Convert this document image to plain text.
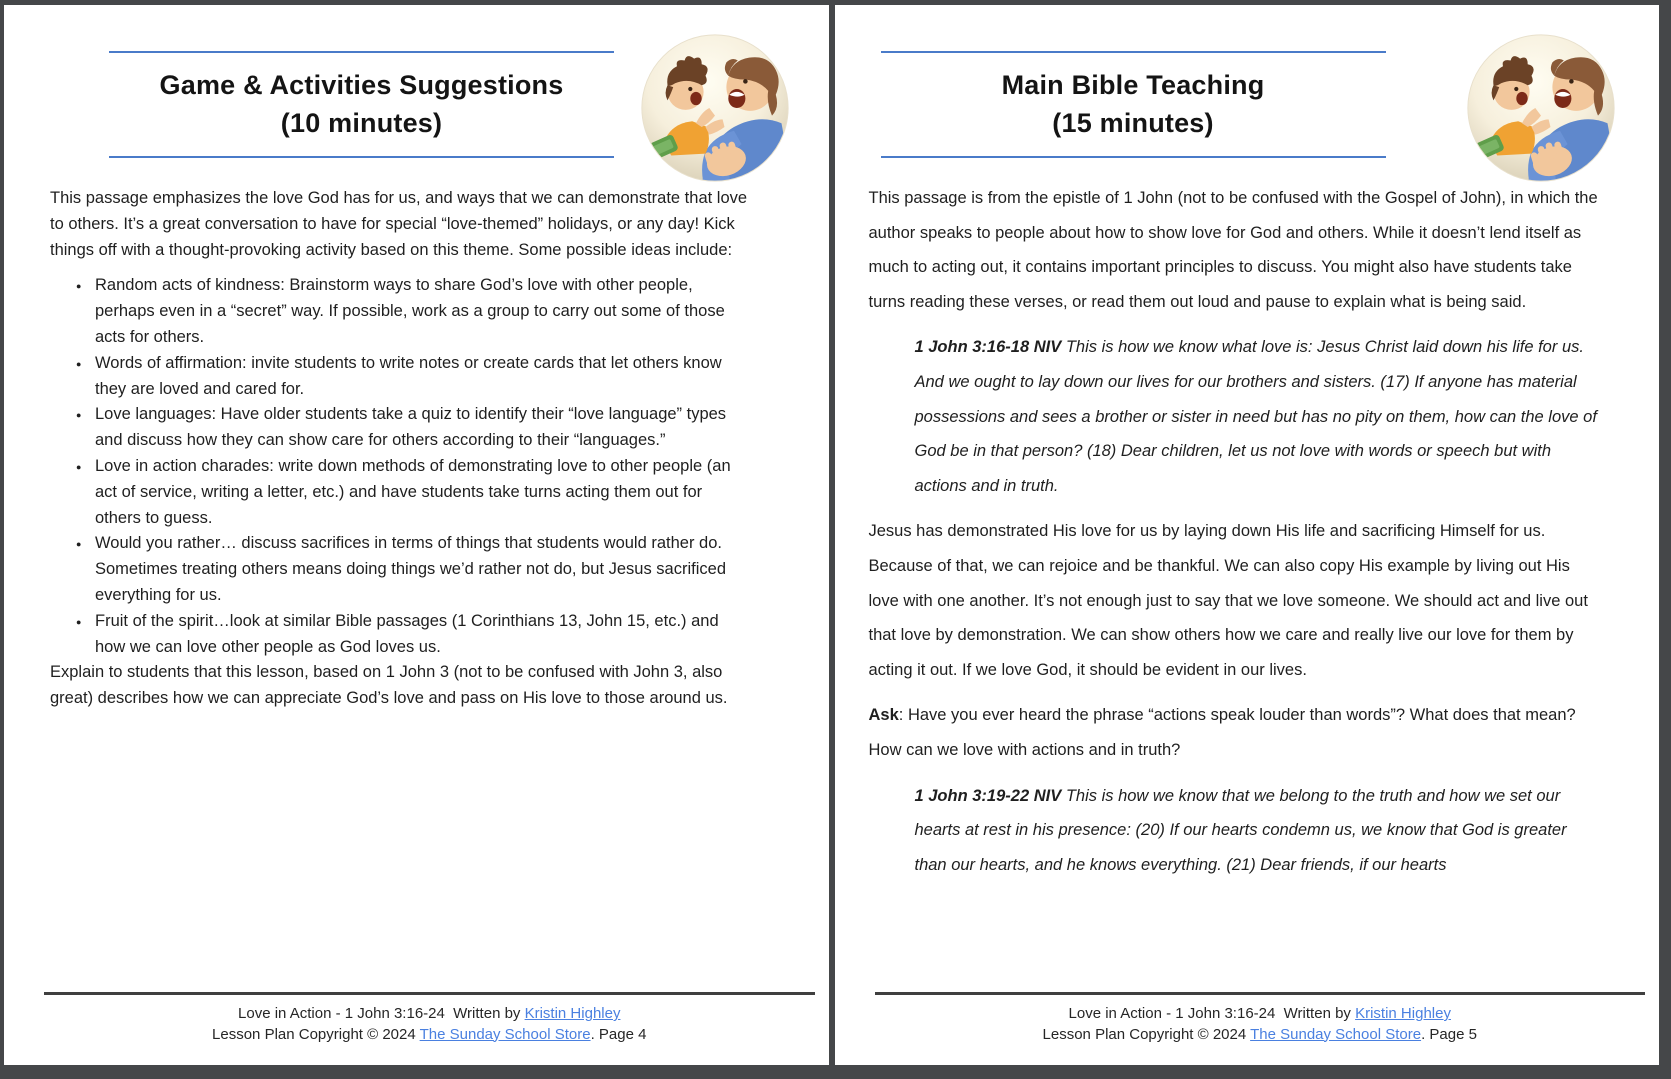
Game & Activities Suggestions
(10 minutes)

This passage emphasizes the love God has for us, and ways that we can demonstrate that love to others. It’s a great conversation to have for special “love-themed” holidays, or any day! Kick things off with a thought-provoking activity based on this theme. Some possible ideas include:

● Random acts of kindness: Brainstorm ways to share God’s love with other people, perhaps even in a “secret” way. If possible, work as a group to carry out some of those acts for others.
● Words of affirmation: invite students to write notes or create cards that let others know they are loved and cared for.
● Love languages: Have older students take a quiz to identify their “love language” types and discuss how they can show care for others according to their “languages.”
● Love in action charades: write down methods of demonstrating love to other people (an act of service, writing a letter, etc.) and have students take turns acting them out for others to guess.
● Would you rather… discuss sacrifices in terms of things that students would rather do. Sometimes treating others means doing things we’d rather not do, but Jesus sacrificed everything for us.
● Fruit of the spirit…look at similar Bible passages (1 Corinthians 13, John 15, etc.) and how we can love other people as God loves us.

Explain to students that this lesson, based on 1 John 3 (not to be confused with John 3, also great) describes how we can appreciate God’s love and pass on His love to those around us.

Love in Action - 1 John 3:16-24  Written by Kristin Highley
Lesson Plan Copyright © 2024 The Sunday School Store. Page 4
Main Bible Teaching
(15 minutes)

This passage is from the epistle of 1 John (not to be confused with the Gospel of John), in which the author speaks to people about how to show love for God and others. While it doesn’t lend itself as much to acting out, it contains important principles to discuss. You might also have students take turns reading these verses, or read them out loud and pause to explain what is being said.

1 John 3:16-18 NIV This is how we know what love is: Jesus Christ laid down his life for us. And we ought to lay down our lives for our brothers and sisters. (17) If anyone has material possessions and sees a brother or sister in need but has no pity on them, how can the love of God be in that person? (18) Dear children, let us not love with words or speech but with actions and in truth.

Jesus has demonstrated His love for us by laying down His life and sacrificing Himself for us. Because of that, we can rejoice and be thankful. We can also copy His example by living out His love with one another. It’s not enough just to say that we love someone. We should act and live out that love by demonstration. We can show others how we care and really live our love for them by acting it out. If we love God, it should be evident in our lives.

Ask: Have you ever heard the phrase “actions speak louder than words”? What does that mean? How can we love with actions and in truth?

1 John 3:19-22 NIV This is how we know that we belong to the truth and how we set our hearts at rest in his presence: (20) If our hearts condemn us, we know that God is greater than our hearts, and he knows everything. (21) Dear friends, if our hearts

Love in Action - 1 John 3:16-24  Written by Kristin Highley
Lesson Plan Copyright © 2024 The Sunday School Store. Page 5
